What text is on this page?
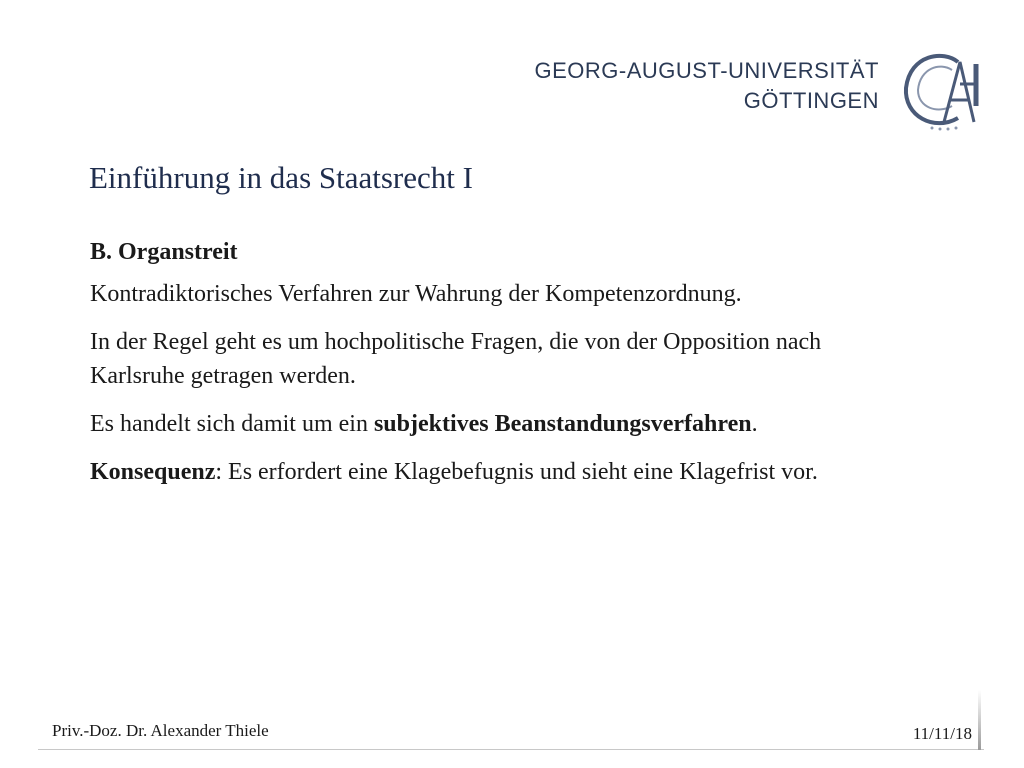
GEORG-AUGUST-UNIVERSITÄT
GÖTTINGEN
Einführung in das Staatsrecht I

B. Organstreit

Kontradiktorisches Verfahren zur Wahrung der Kompetenzordnung.

In der Regel geht es um hochpolitische Fragen, die von der Opposition nach Karlsruhe getragen werden.

Es handelt sich damit um ein subjektives Beanstandungsverfahren.

Konsequenz: Es erfordert eine Klagebefugnis und sieht eine Klagefrist vor.

Priv.-Doz. Dr. Alexander Thiele	11/11/18
